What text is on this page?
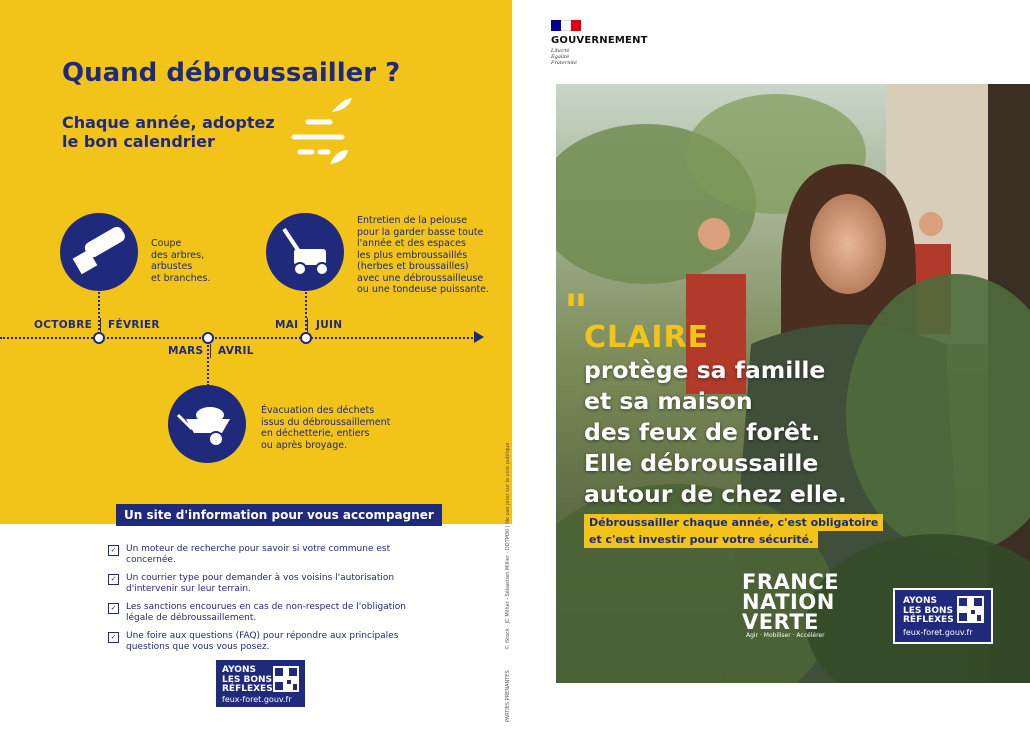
Quand débroussailler ?
Chaque année, adoptez le bon calendrier
Coupe
des arbres,
arbustes
et branches.
Entretien de la pelouse
pour la garder basse toute
l'année et des espaces
les plus embroussaillés
(herbes et broussailles)
avec une débroussailleuse
ou une tondeuse puissante.
Évacuation des déchets
issus du débroussaillement
en déchetterie, entiers
ou après broyage.
OCTOBRE FÉVRIER
MARS AVRIL
MAI JUIN
Un site d'information pour vous accompagner
✓ Un moteur de recherche pour savoir si votre commune est concernée.
✓ Un courrier type pour demander à vos voisins l'autorisation d'intervenir sur leur terrain.
✓ Les sanctions encourues en cas de non-respect de l'obligation légale de débroussaillement.
✓ Une foire aux questions (FAQ) pour répondre aux principales questions que vous vous posez.
AYONS
LES BONS
RÉFLEXES
feux-foret.gouv.fr
© iStock - JC Milhet - Sébastien Millier - DDTM30 | Ne pas jeter sur la voie publique
PARTIES PRENANTES
GOUVERNEMENT
Liberté
Égalité
Fraternité
"
CLAIRE
protège sa famille
et sa maison
des feux de forêt.
Elle débroussaille
autour de chez elle.
Débroussailler chaque année, c'est obligatoire
et c'est investir pour votre sécurité.
FRANCE
NATION
VERTE
Agir · Mobiliser · Accélérer
AYONS
LES BONS
RÉFLEXES
feux-foret.gouv.fr
